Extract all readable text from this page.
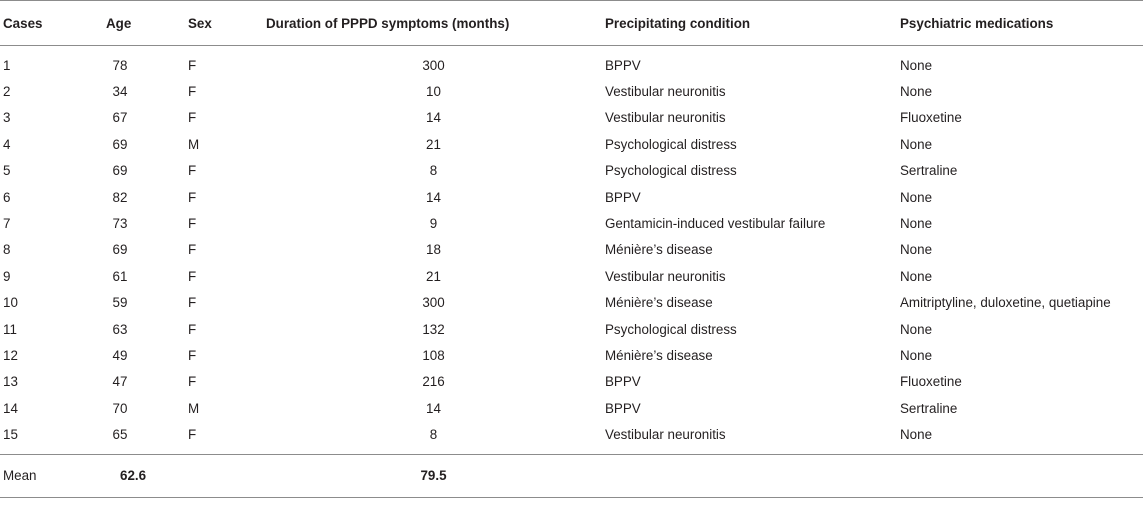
Cases	Age	Sex	Duration of PPPD symptoms (months)	Precipitating condition	Psychiatric medications
1	78	F	300	BPPV	None
2	34	F	10	Vestibular neuronitis	None
3	67	F	14	Vestibular neuronitis	Fluoxetine
4	69	M	21	Psychological distress	None
5	69	F	8	Psychological distress	Sertraline
6	82	F	14	BPPV	None
7	73	F	9	Gentamicin-induced vestibular failure	None
8	69	F	18	Ménière’s disease	None
9	61	F	21	Vestibular neuronitis	None
10	59	F	300	Ménière’s disease	Amitriptyline, duloxetine, quetiapine
11	63	F	132	Psychological distress	None
12	49	F	108	Ménière’s disease	None
13	47	F	216	BPPV	Fluoxetine
14	70	M	14	BPPV	Sertraline
15	65	F	8	Vestibular neuronitis	None
Mean	62.6		79.5		
